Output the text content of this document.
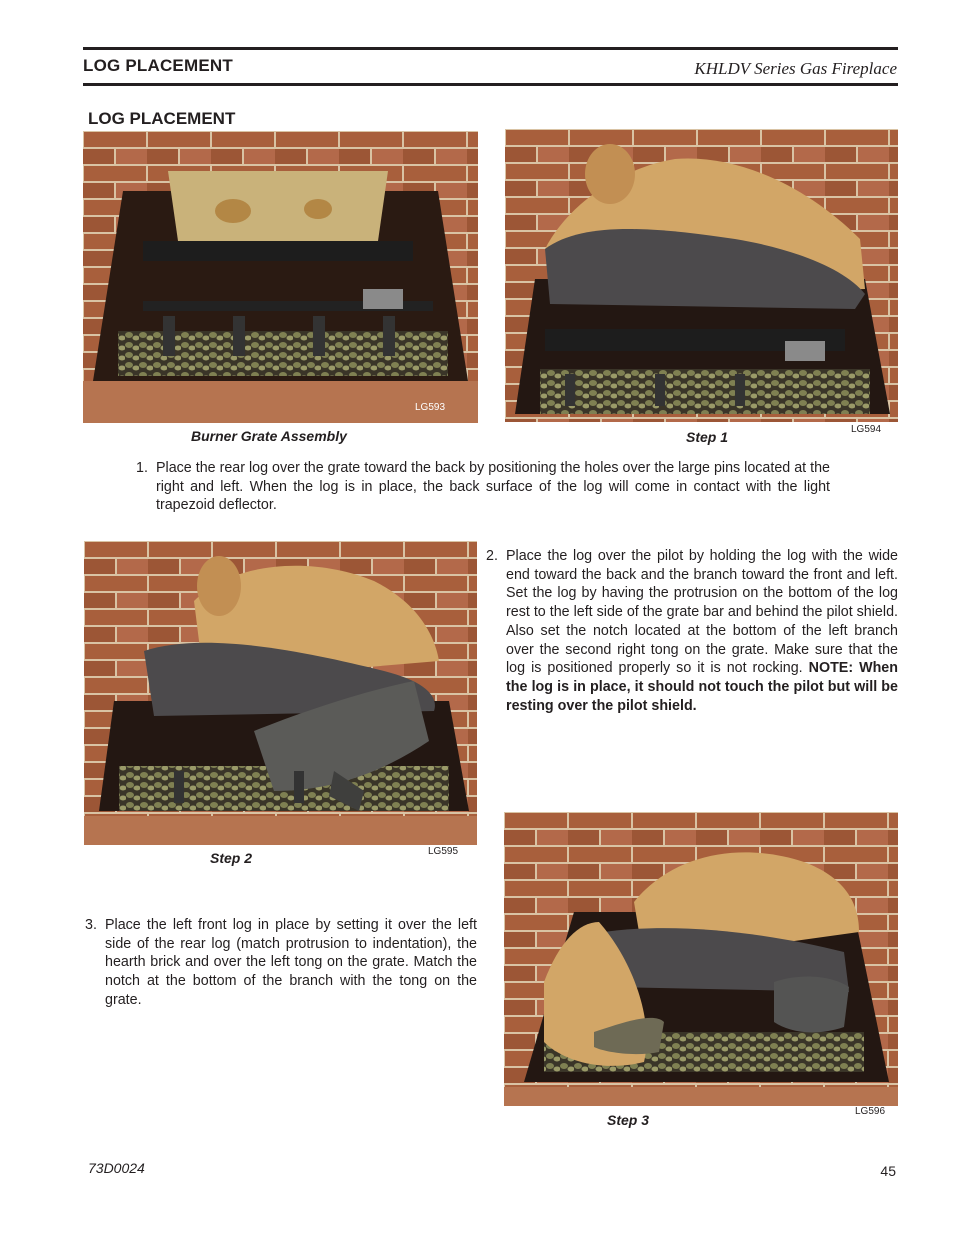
LOG PLACEMENT	KHLDV Series Gas Fireplace
LOG PLACEMENT
LG593
Burner Grate Assembly	LG594
Step 1
1. Place the rear log over the grate toward the back by positioning the holes over the large pins located at the right and left. When the log is in place, the back surface of the log will come in contact with the light trapezoid deflector.
LG595
Step 2
2. Place the log over the pilot by holding the log with the wide end toward the back and the branch toward the front and left. Set the log by having the protrusion on the bottom of the log rest to the left side of the grate bar and behind the pilot shield. Also set the notch located at the bottom of the left branch over the second right tong on the grate. Make sure that the log is positioned properly so it is not rocking. NOTE: When the log is in place, it should not touch the pilot but will be resting over the pilot shield.
LG596
Step 3
3. Place the left front log in place by setting it over the left side of the rear log (match protrusion to indentation), the hearth brick and over the left tong on the grate. Match the notch at the bottom of the branch with the tong on the grate.
73D0024	45
